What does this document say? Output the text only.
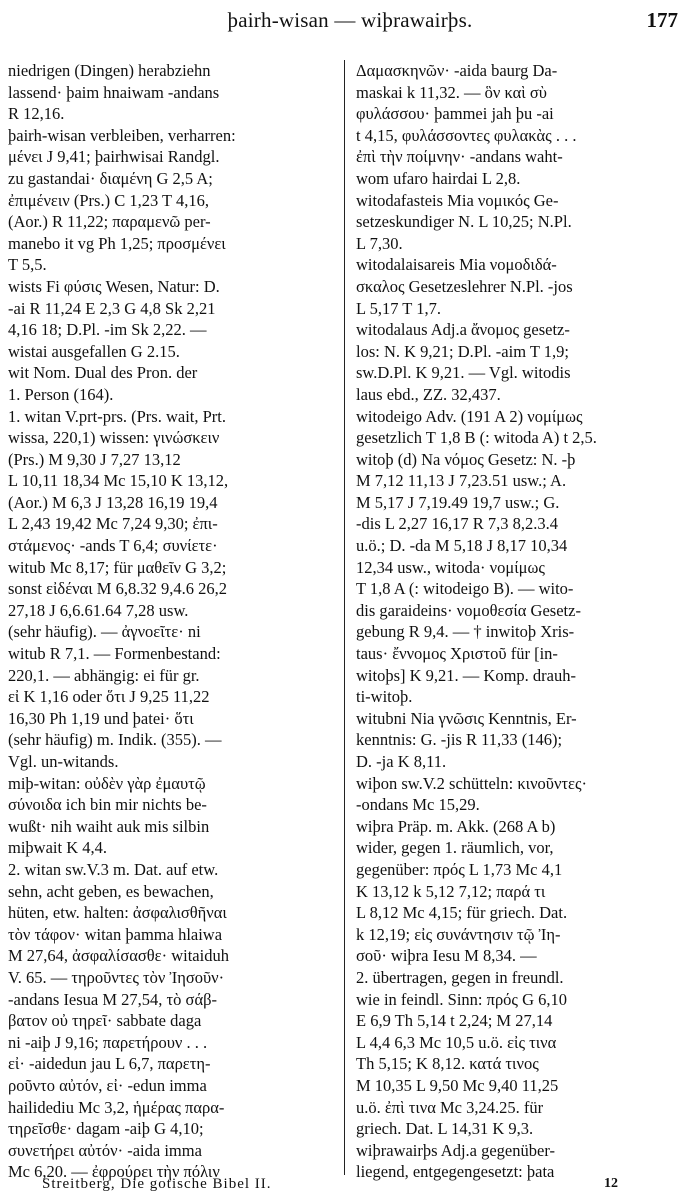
þairh-wisan — wiþrawairþs.	177
niedrigen (Dingen) herabziehn
lassend· þaim hnaiwam -andans
R 12,16.
þairh-wisan verbleiben, verharren:
μένει J 9,41; þairhwisai Randgl.
zu gastandai· διαμένη G 2,5 A;
ἐπιμένειν (Prs.) C 1,23 T 4,16,
(Aor.) R 11,22; παραμενῶ per-
manebo it vg Ph 1,25; προσμένει
T 5,5.
wists Fi φύσις Wesen, Natur: D.
-ai R 11,24 E 2,3 G 4,8 Sk 2,21
4,16 18; D.Pl. -im Sk 2,22. —
wistai ausgefallen G 2.15.
wit Nom. Dual des Pron. der
1. Person (164).
1. witan V.prt-prs. (Prs. wait, Prt.
wissa, 220,1) wissen: γινώσκειν
(Prs.) M 9,30 J 7,27 13,12
L 10,11 18,34 Mc 15,10 K 13,12,
(Aor.) M 6,3 J 13,28 16,19 19,4
L 2,43 19,42 Mc 7,24 9,30; ἐπι-
στάμενος· -ands T 6,4; συνίετε·
witub Mc 8,17; für μαθεῖν G 3,2;
sonst εἰδέναι M 6,8.32 9,4.6 26,2
27,18 J 6,6.61.64 7,28 usw.
(sehr häufig). — ἀγνοεῖτε· ni
witub R 7,1. — Formenbestand:
220,1. — abhängig: ei für gr.
εἰ K 1,16 oder ὅτι J 9,25 11,22
16,30 Ph 1,19 und þatei· ὅτι
(sehr häufig) m. Indik. (355). —
Vgl. un-witands.
miþ-witan: οὐδὲν γὰρ ἐμαυτῷ
σύνοιδα ich bin mir nichts be-
wußt· nih waiht auk mis silbin
miþwait K 4,4.
2. witan sw.V.3 m. Dat. auf etw.
sehn, acht geben, es bewachen,
hüten, etw. halten: ἀσφαλισθῆναι
τὸν τάφον· witan þamma hlaiwa
M 27,64, ἀσφαλίσασθε· witaiduh
V. 65. — τηροῦντες τὸν Ἰησοῦν·
-andans Iesua M 27,54, τὸ σάβ-
βατον οὐ τηρεῖ· sabbate daga
ni -aiþ J 9,16; παρετήρουν . . .
εἰ· -aidedun jau L 6,7, παρετη-
ροῦντο αὐτόν, εἰ· -edun imma
hailidediu Mc 3,2, ἡμέρας παρα-
τηρεῖσθε· dagam -aiþ G 4,10;
συνετήρει αὐτόν· -aida imma
Mc 6,20. — ἐφρούρει τὴν πόλιν
Δαμασκηνῶν· -aida baurg Da-
maskai k 11,32. — ὃν καὶ σὺ
φυλάσσου· þammei jah þu -ai
t 4,15, φυλάσσοντες φυλακὰς . . .
ἐπὶ τὴν ποίμνην· -andans waht-
wom ufaro hairdai L 2,8.
witodafasteis Mia νομικός Ge-
setzeskundiger N. L 10,25; N.Pl.
L 7,30.
witodalaisareis Mia νομοδιδά-
σκαλος Gesetzeslehrer N.Pl. -jos
L 5,17 T 1,7.
witodalaus Adj.a ἄνομος gesetz-
los: N. K 9,21; D.Pl. -aim T 1,9;
sw.D.Pl. K 9,21. — Vgl. witodis
laus ebd., ZZ. 32,437.
witodeigo Adv. (191 A 2) νομίμως
gesetzlich T 1,8 B (: witoda A) t 2,5.
witoþ (d) Na νόμος Gesetz: N. -þ
M 7,12 11,13 J 7,23.51 usw.; A.
M 5,17 J 7,19.49 19,7 usw.; G.
-dis L 2,27 16,17 R 7,3 8,2.3.4
u.ö.; D. -da M 5,18 J 8,17 10,34
12,34 usw., witoda· νομίμως
T 1,8 A (: witodeigo B). — wito-
dis garaideins· νομοθεσία Gesetz-
gebung R 9,4. — † inwitoþ Xris-
taus· ἔννομος Χριστοῦ für [in-
witoþs] K 9,21. — Komp. drauh-
ti-witoþ.
witubni Nia γνῶσις Kenntnis, Er-
kenntnis: G. -jis R 11,33 (146);
D. -ja K 8,11.
wiþon sw.V.2 schütteln: κινοῦντες·
-ondans Mc 15,29.
wiþra Präp. m. Akk. (268 A b)
wider, gegen 1. räumlich, vor,
gegenüber: πρός L 1,73 Mc 4,1
K 13,12 k 5,12 7,12; παρά τι
L 8,12 Mc 4,15; für griech. Dat.
k 12,19; εἰς συνάντησιν τῷ Ἰη-
σοῦ· wiþra Iesu M 8,34. —
2. übertragen, gegen in freundl.
wie in feindl. Sinn: πρός G 6,10
E 6,9 Th 5,14 t 2,24; M 27,14
L 4,4 6,3 Mc 10,5 u.ö. εἰς τινα
Th 5,15; K 8,12. κατά τινος
M 10,35 L 9,50 Mc 9,40 11,25
u.ö. ἐπὶ τινα Mc 3,24.25. für
griech. Dat. L 14,31 K 9,3.
wiþrawairþs Adj.a gegenüber-
liegend, entgegengesetzt: þata
Streitberg, Die gotische Bibel II.	12
